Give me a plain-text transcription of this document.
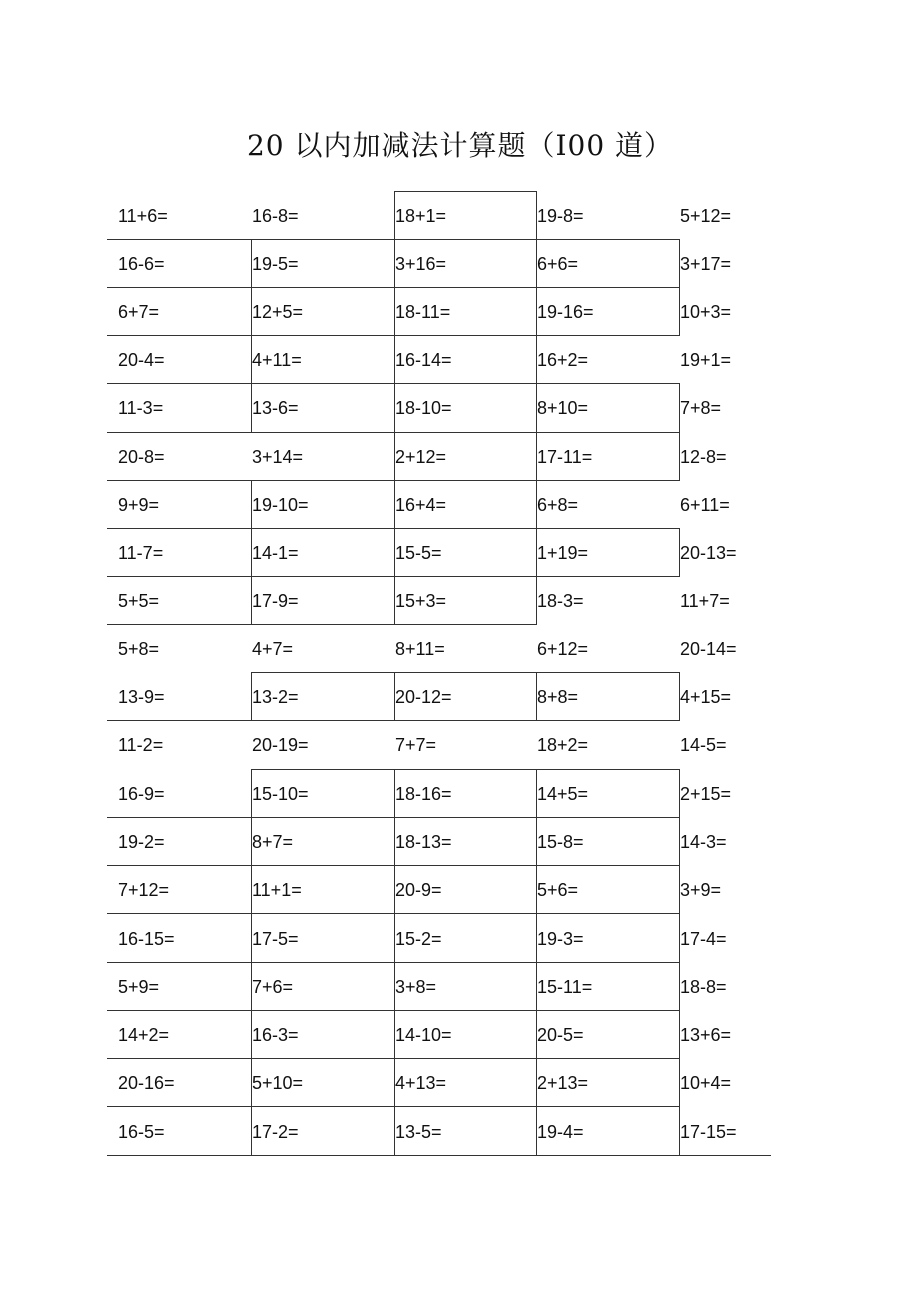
20 以内加减法计算题（I00 道）
11+6=	16-8=	18+1=	19-8=	5+12=
16-6=	19-5=	3+16=	6+6=	3+17=
6+7=	12+5=	18-11=	19-16=	10+3=
20-4=	4+11=	16-14=	16+2=	19+1=
11-3=	13-6=	18-10=	8+10=	7+8=
20-8=	3+14=	2+12=	17-11=	12-8=
9+9=	19-10=	16+4=	6+8=	6+11=
11-7=	14-1=	15-5=	1+19=	20-13=
5+5=	17-9=	15+3=	18-3=	11+7=
5+8=	4+7=	8+11=	6+12=	20-14=
13-9=	13-2=	20-12=	8+8=	4+15=
11-2=	20-19=	7+7=	18+2=	14-5=
16-9=	15-10=	18-16=	14+5=	2+15=
19-2=	8+7=	18-13=	15-8=	14-3=
7+12=	11+1=	20-9=	5+6=	3+9=
16-15=	17-5=	15-2=	19-3=	17-4=
5+9=	7+6=	3+8=	15-11=	18-8=
14+2=	16-3=	14-10=	20-5=	13+6=
20-16=	5+10=	4+13=	2+13=	10+4=
16-5=	17-2=	13-5=	19-4=	17-15=
